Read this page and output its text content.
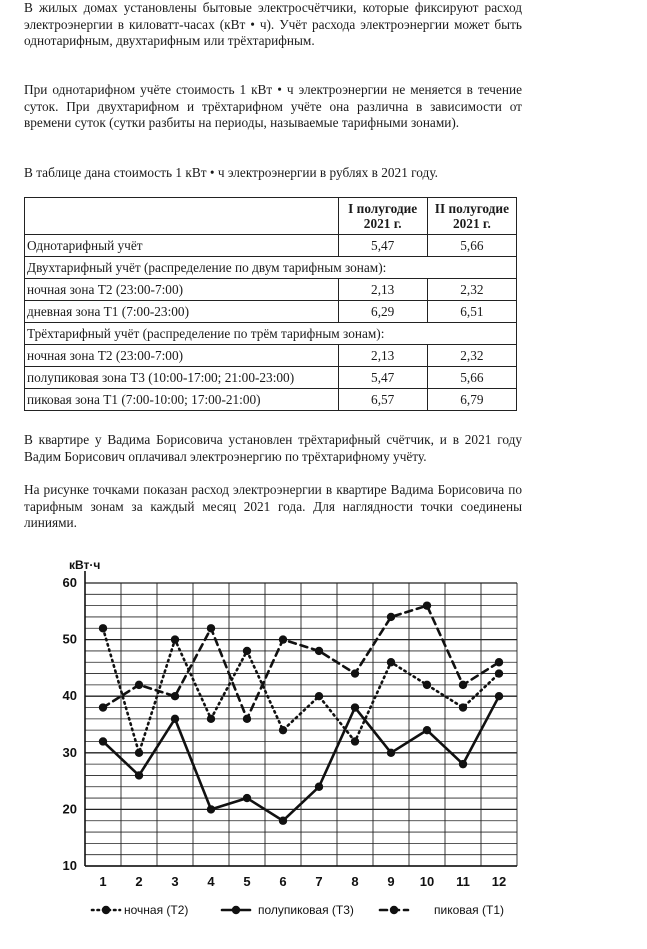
В жилых домах установлены бытовые электросчётчики, которые фиксируют расход электроэнергии в киловатт-часах (кВт • ч). Учёт расхода электроэнергии может быть однотарифным, двухтарифным или трёхтарифным.

При однотарифном учёте стоимость 1 кВт • ч электроэнергии не меняется в течение суток. При двухтарифном и трёхтарифном учёте она различна в зависимости от времени суток (сутки разбиты на периоды, называемые тарифными зонами).

В таблице дана стоимость 1 кВт • ч электроэнергии в рублях в 2021 году.

	I полугодие 2021 г.	II полугодие 2021 г.
Однотарифный учёт	5,47	5,66
Двухтарифный учёт (распределение по двум тарифным зонам):		
ночная зона Т2 (23:00-7:00)	2,13	2,32
дневная зона Т1 (7:00-23:00)	6,29	6,51
Трёхтарифный учёт (распределение по трём тарифным зонам):		
ночная зона Т2 (23:00-7:00)	2,13	2,32
полупиковая зона Т3 (10:00-17:00; 21:00-23:00)	5,47	5,66
пиковая зона Т1 (7:00-10:00; 17:00-21:00)	6,57	6,79

В квартире у Вадима Борисовича установлен трёхтарифный счётчик, и в 2021 году Вадим Борисович оплачивал электроэнергию по трёхтарифному учёту.

На рисунке точками показан расход электроэнергии в квартире Вадима Борисовича по тарифным зонам за каждый месяц 2021 года. Для наглядности точки соединены линиями.

10
20
30
40
50
60
кВт·ч
1 2 3 4 5 6 7 8 9 10 11 12
ночная (Т2)	полупиковая (Т3)	пиковая (Т1)
